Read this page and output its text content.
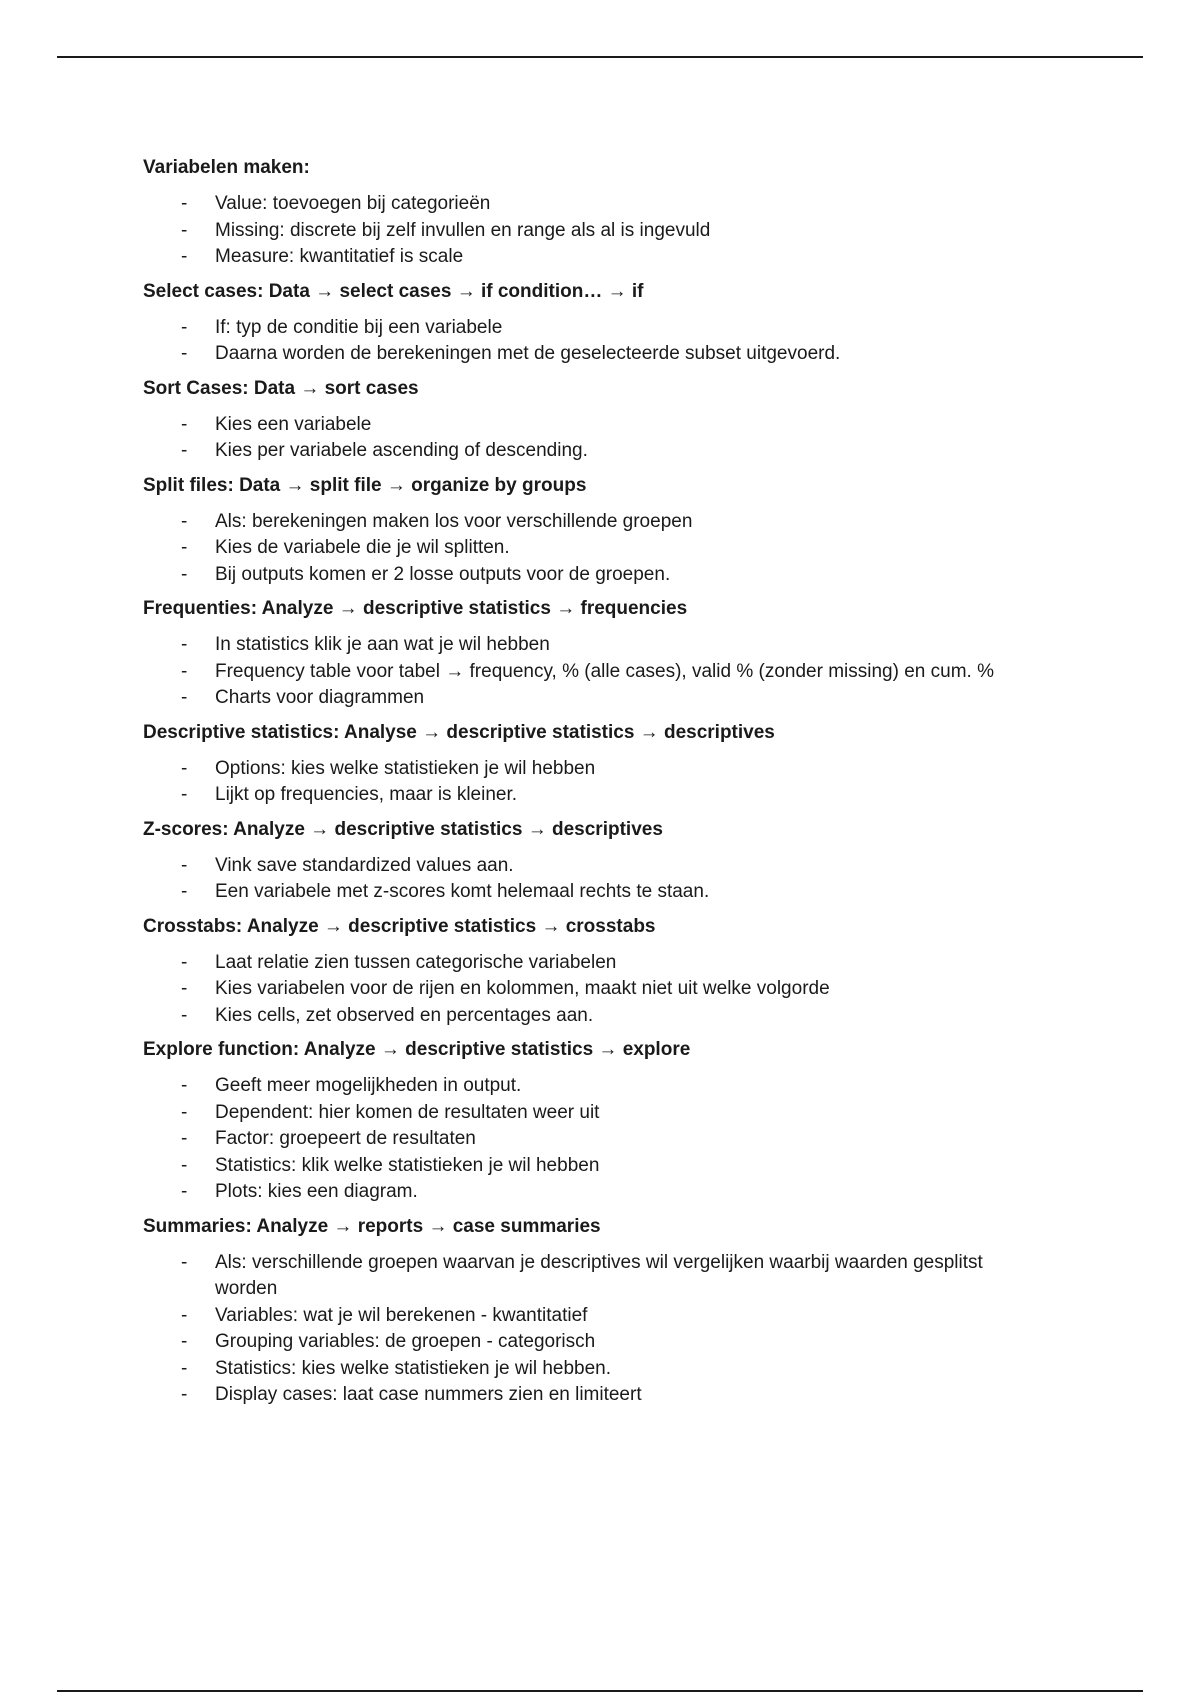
Variabelen maken:

- Value: toevoegen bij categorieën
- Missing: discrete bij zelf invullen en range als al is ingevuld
- Measure: kwantitatief is scale

Select cases: Data → select cases → if condition… → if

- If: typ de conditie bij een variabele
- Daarna worden de berekeningen met de geselecteerde subset uitgevoerd.

Sort Cases: Data → sort cases

- Kies een variabele
- Kies per variabele ascending of descending.

Split files: Data → split file → organize by groups

- Als: berekeningen maken los voor verschillende groepen
- Kies de variabele die je wil splitten.
- Bij outputs komen er 2 losse outputs voor de groepen.

Frequenties: Analyze → descriptive statistics → frequencies

- In statistics klik je aan wat je wil hebben
- Frequency table voor tabel → frequency, % (alle cases), valid % (zonder missing) en cum. %
- Charts voor diagrammen

Descriptive statistics: Analyse → descriptive statistics → descriptives

- Options: kies welke statistieken je wil hebben
- Lijkt op frequencies, maar is kleiner.

Z-scores: Analyze → descriptive statistics → descriptives

- Vink save standardized values aan.
- Een variabele met z-scores komt helemaal rechts te staan.

Crosstabs: Analyze → descriptive statistics → crosstabs

- Laat relatie zien tussen categorische variabelen
- Kies variabelen voor de rijen en kolommen, maakt niet uit welke volgorde
- Kies cells, zet observed en percentages aan.

Explore function: Analyze → descriptive statistics → explore

- Geeft meer mogelijkheden in output.
- Dependent: hier komen de resultaten weer uit
- Factor: groepeert de resultaten
- Statistics: klik welke statistieken je wil hebben
- Plots: kies een diagram.

Summaries: Analyze → reports → case summaries

- Als: verschillende groepen waarvan je descriptives wil vergelijken waarbij waarden gesplitst worden
- Variables: wat je wil berekenen - kwantitatief
- Grouping variables: de groepen - categorisch
- Statistics: kies welke statistieken je wil hebben.
- Display cases: laat case nummers zien en limiteert
